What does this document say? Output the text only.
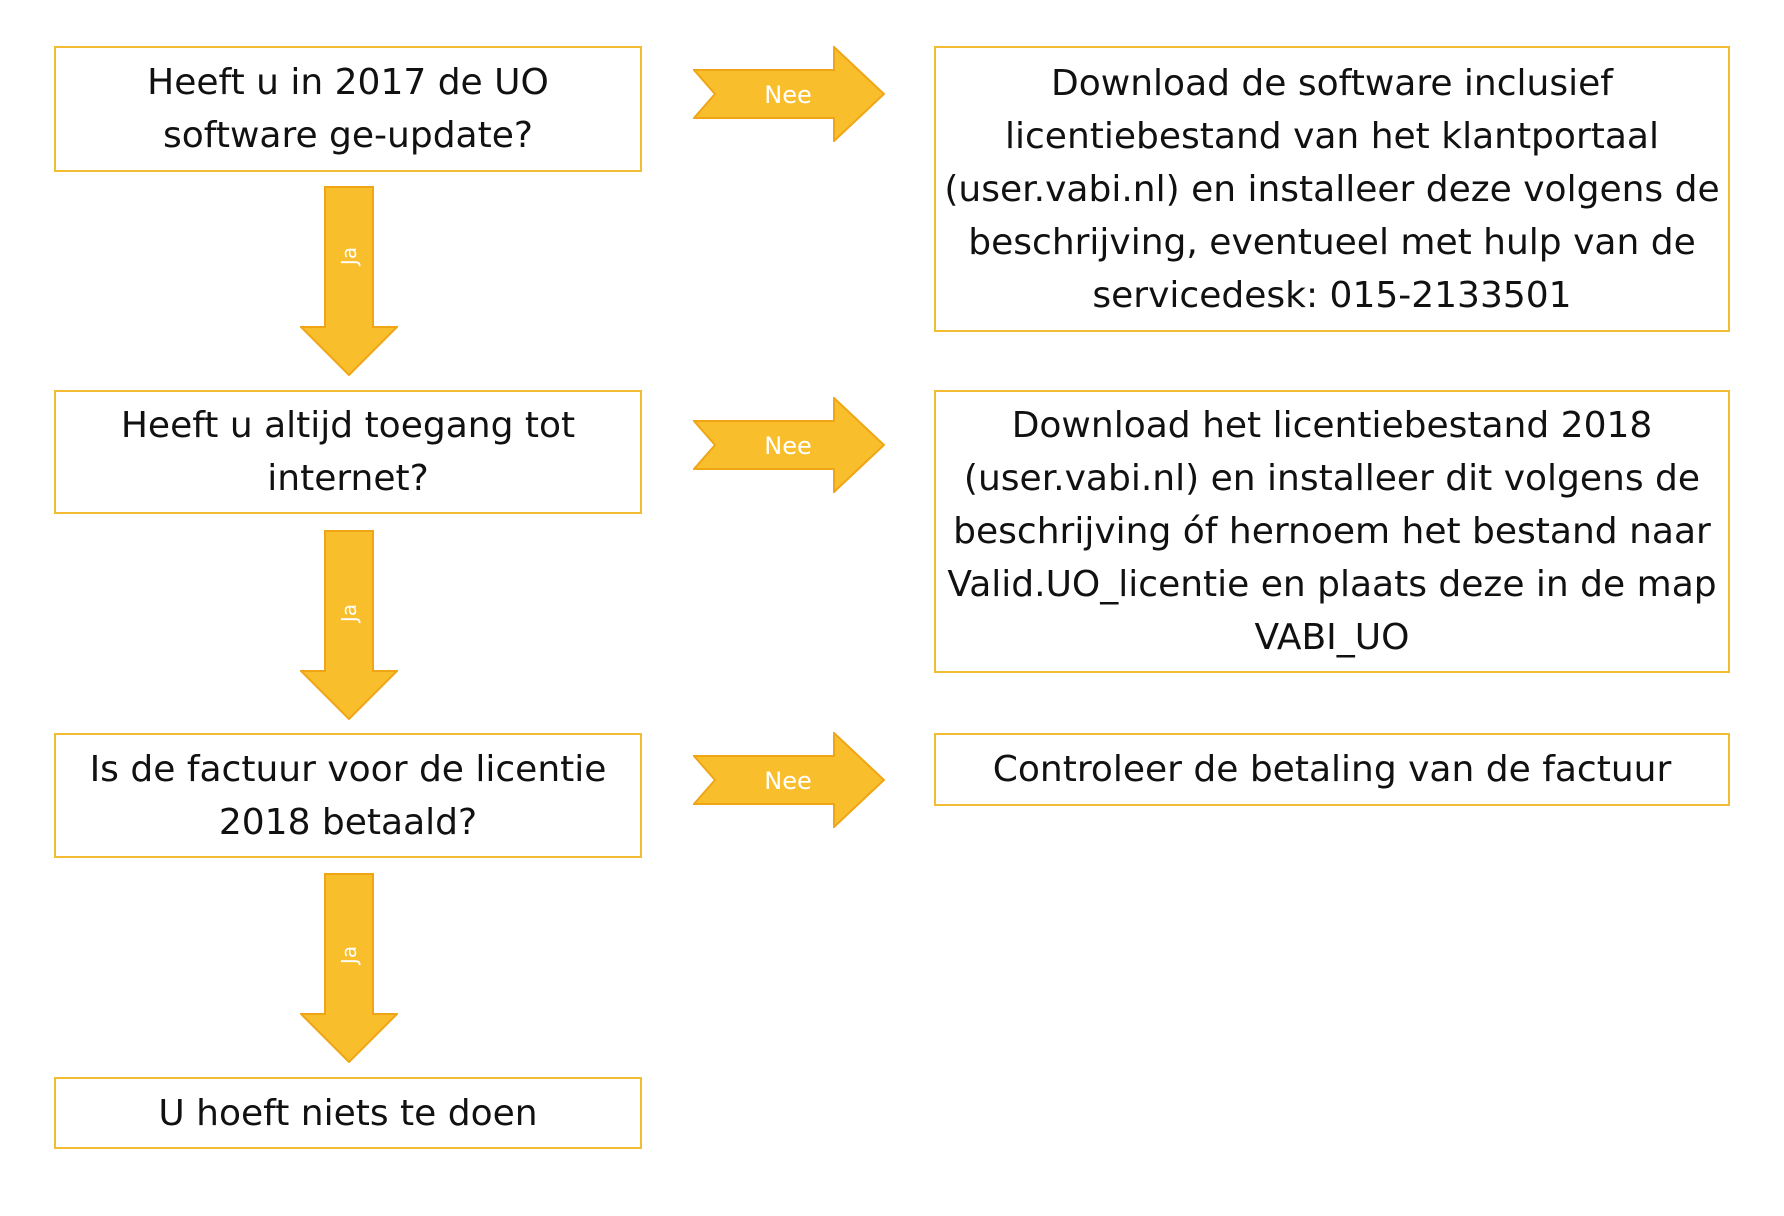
Heeft u in 2017 de UO
software ge-update?
Heeft u altijd toegang tot
internet?
Is de factuur voor de licentie
2018 betaald?
U hoeft niets te doen
Download de software inclusief
licentiebestand van het klantportaal
(user.vabi.nl) en installeer deze volgens de
beschrijving, eventueel met hulp van de
servicedesk: 015-2133501
Download het licentiebestand 2018
(user.vabi.nl) en installeer dit volgens de
beschrijving óf hernoem het bestand naar
Valid.UO_licentie en plaats deze in de map
VABI_UO
Controleer de betaling van de factuur
Ja
Ja
Ja
Nee
Nee
Nee
